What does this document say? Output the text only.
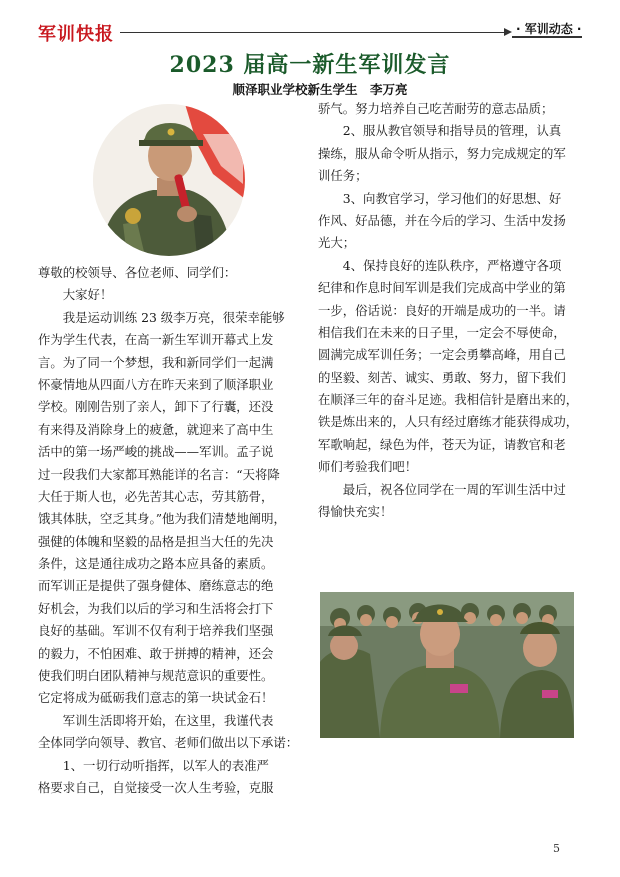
军训快报	· 军训动态 ·
2023 届高一新生军训发言
顺泽职业学校新生学生　李万亮
尊敬的校领导、各位老师、同学们：
　　大家好！
　　我是运动训练 23 级李万亮，很荣幸能够
作为学生代表，在高一新生军训开幕式上发
言。为了同一个梦想，我和新同学们一起满
怀豪情地从四面八方在昨天来到了顺泽职业
学校。刚刚告别了亲人，卸下了行囊，还没
有来得及消除身上的疲惫，就迎来了高中生
活中的第一场严峻的挑战——军训。孟子说
过一段我们大家都耳熟能详的名言：“天将降
大任于斯人也，必先苦其心志，劳其筋骨，
饿其体肤，空乏其身。”他为我们清楚地阐明，
强健的体魄和坚毅的品格是担当大任的先决
条件，这是通往成功之路本应具备的素质。
而军训正是提供了强身健体、磨练意志的绝
好机会，为我们以后的学习和生活将会打下
良好的基础。军训不仅有利于培养我们坚强
的毅力，不怕困难、敢于拼搏的精神，还会
使我们明白团队精神与规范意识的重要性。
它定将成为砥砺我们意志的第一块试金石！
　　军训生活即将开始，在这里，我谨代表
全体同学向领导、教官、老师们做出以下承诺：
　　1、一切行动听指挥，以军人的表准严
格要求自己，自觉接受一次人生考验，克服
骄气。努力培养自己吃苦耐劳的意志品质；
　　2、服从教官领导和指导员的管理，认真
操练，服从命令听从指示，努力完成规定的军
训任务；
　　3、向教官学习，学习他们的好思想、好
作风、好品德，并在今后的学习、生活中发扬
光大；
　　4、保持良好的连队秩序，严格遵守各项
纪律和作息时间军训是我们完成高中学业的第
一步，俗话说：良好的开端是成功的一半。请
相信我们在未来的日子里，一定会不辱使命，
圆满完成军训任务；一定会勇攀高峰，用自己
的坚毅、刻苦、诚实、勇敢、努力，留下我们
在顺泽三年的奋斗足迹。我相信针是磨出来的，
铁是炼出来的，人只有经过磨练才能获得成功，
军歌响起，绿色为伴，苍天为证，请教官和老
师们考验我们吧！
　　最后，祝各位同学在一周的军训生活中过
得愉快充实！
5
